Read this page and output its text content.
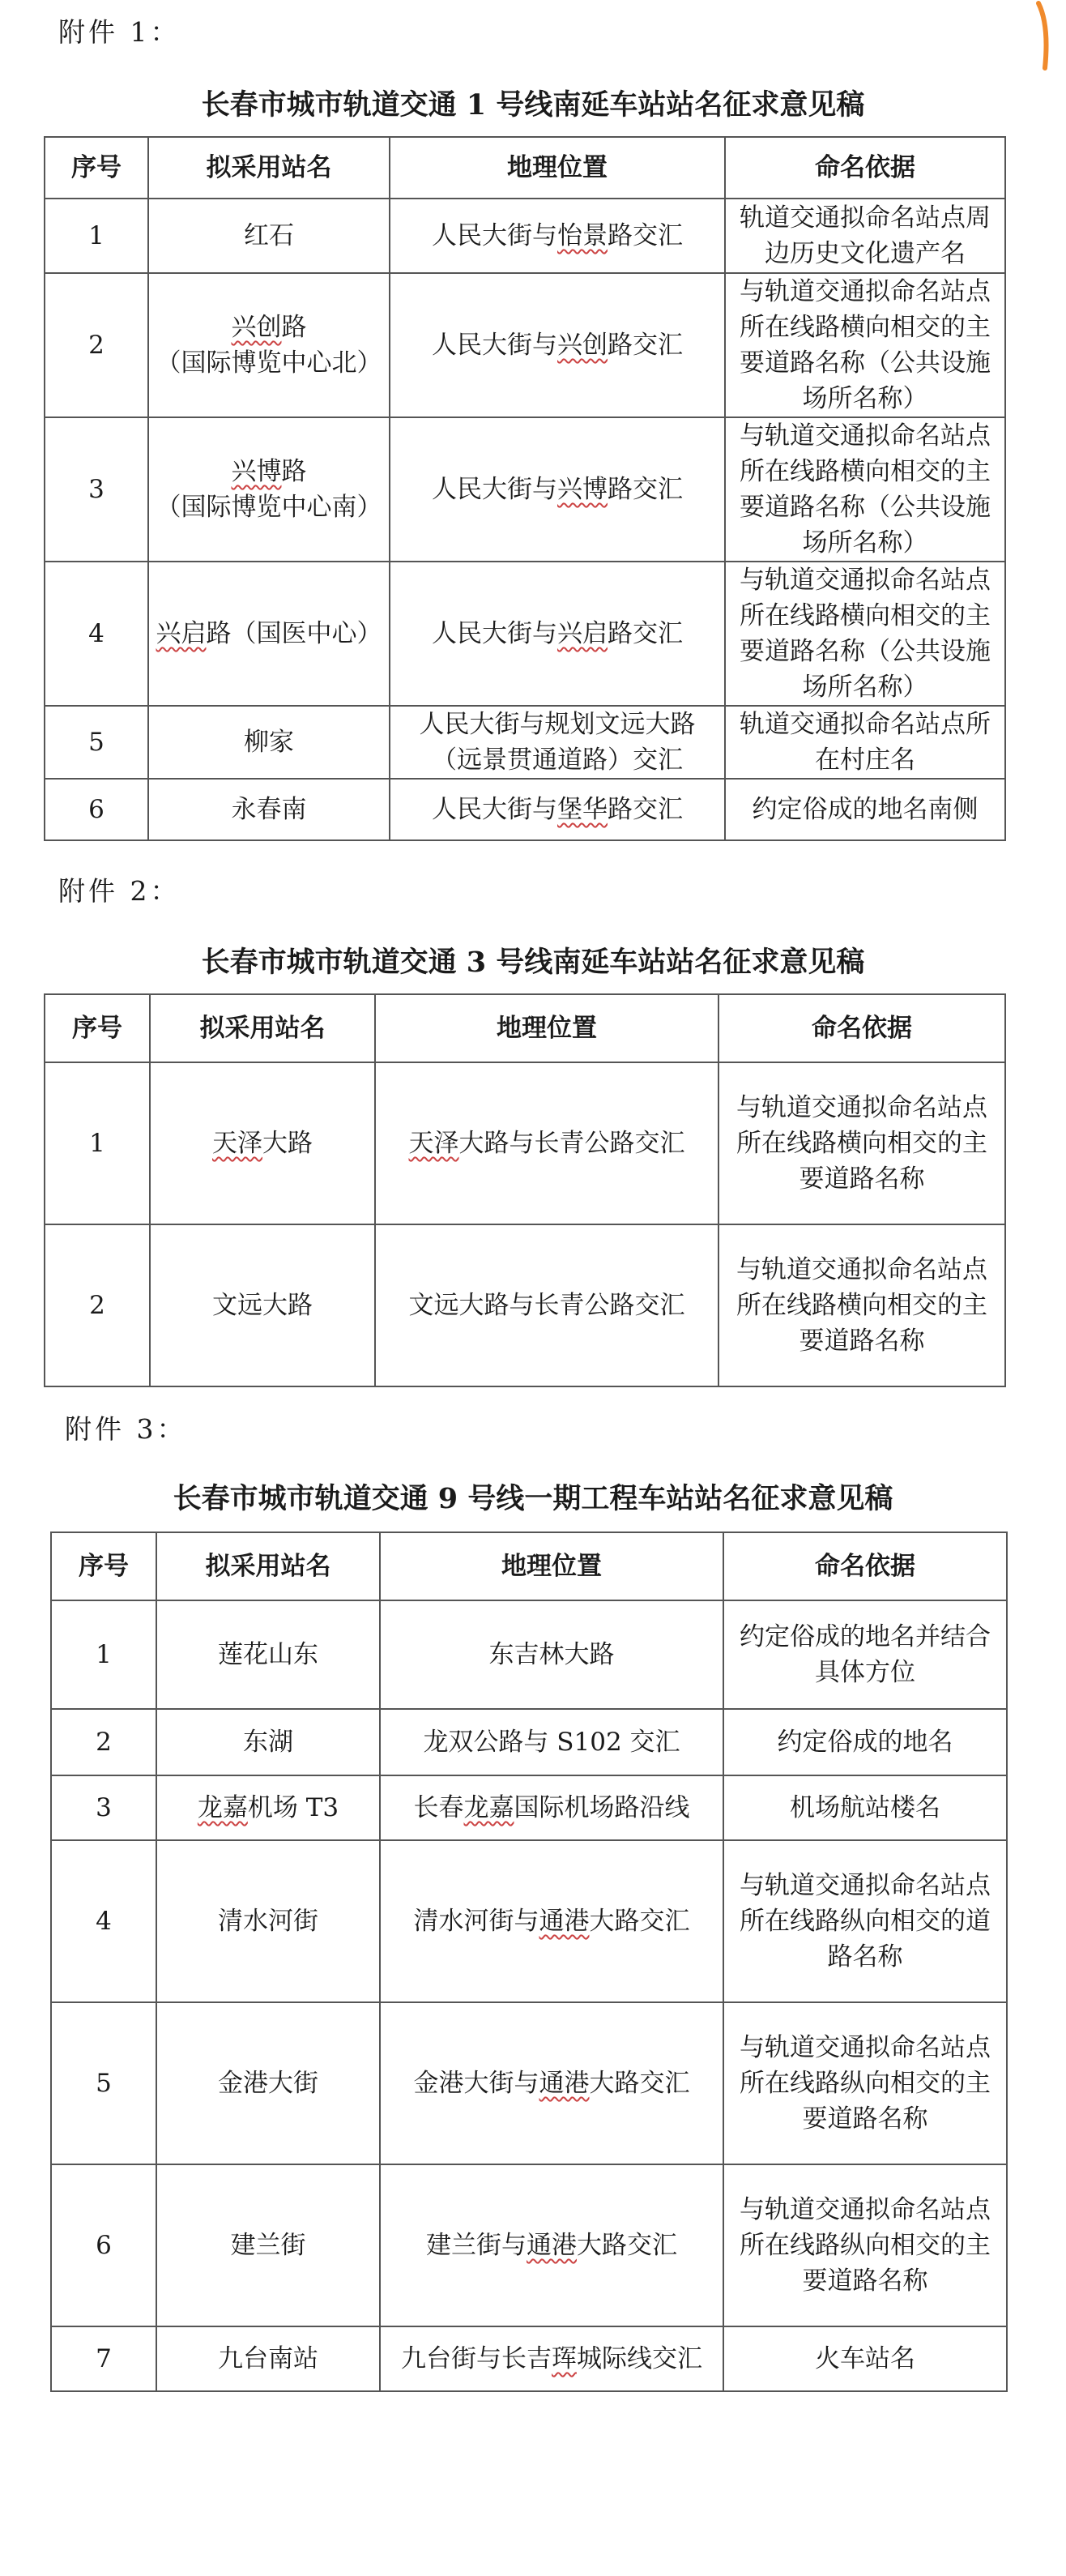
附件 1：
长春市城市轨道交通 1 号线南延车站站名征求意见稿
序号	拟采用站名	地理位置	命名依据
1	红石	人民大街与怡景路交汇	轨道交通拟命名站点周边历史文化遗产名
2	兴创路
（国际博览中心北）	人民大街与兴创路交汇	与轨道交通拟命名站点所在线路横向相交的主要道路名称（公共设施场所名称）
3	兴博路
（国际博览中心南）	人民大街与兴博路交汇	与轨道交通拟命名站点所在线路横向相交的主要道路名称（公共设施场所名称）
4	兴启路（国医中心）	人民大街与兴启路交汇	与轨道交通拟命名站点所在线路横向相交的主要道路名称（公共设施场所名称）
5	柳家	人民大街与规划文远大路（远景贯通道路）交汇	轨道交通拟命名站点所在村庄名
6	永春南	人民大街与堡华路交汇	约定俗成的地名南侧
附件 2：
长春市城市轨道交通 3 号线南延车站站名征求意见稿
序号	拟采用站名	地理位置	命名依据
1	天泽大路	天泽大路与长青公路交汇	与轨道交通拟命名站点所在线路横向相交的主要道路名称
2	文远大路	文远大路与长青公路交汇	与轨道交通拟命名站点所在线路横向相交的主要道路名称
附件 3：
长春市城市轨道交通 9 号线一期工程车站站名征求意见稿
序号	拟采用站名	地理位置	命名依据
1	莲花山东	东吉林大路	约定俗成的地名并结合具体方位
2	东湖	龙双公路与 S102 交汇	约定俗成的地名
3	龙嘉机场 T3	长春龙嘉国际机场路沿线	机场航站楼名
4	清水河街	清水河街与通港大路交汇	与轨道交通拟命名站点所在线路纵向相交的道路名称
5	金港大街	金港大街与通港大路交汇	与轨道交通拟命名站点所在线路纵向相交的主要道路名称
6	建兰街	建兰街与通港大路交汇	与轨道交通拟命名站点所在线路纵向相交的主要道路名称
7	九台南站	九台街与长吉珲城际线交汇	火车站名
